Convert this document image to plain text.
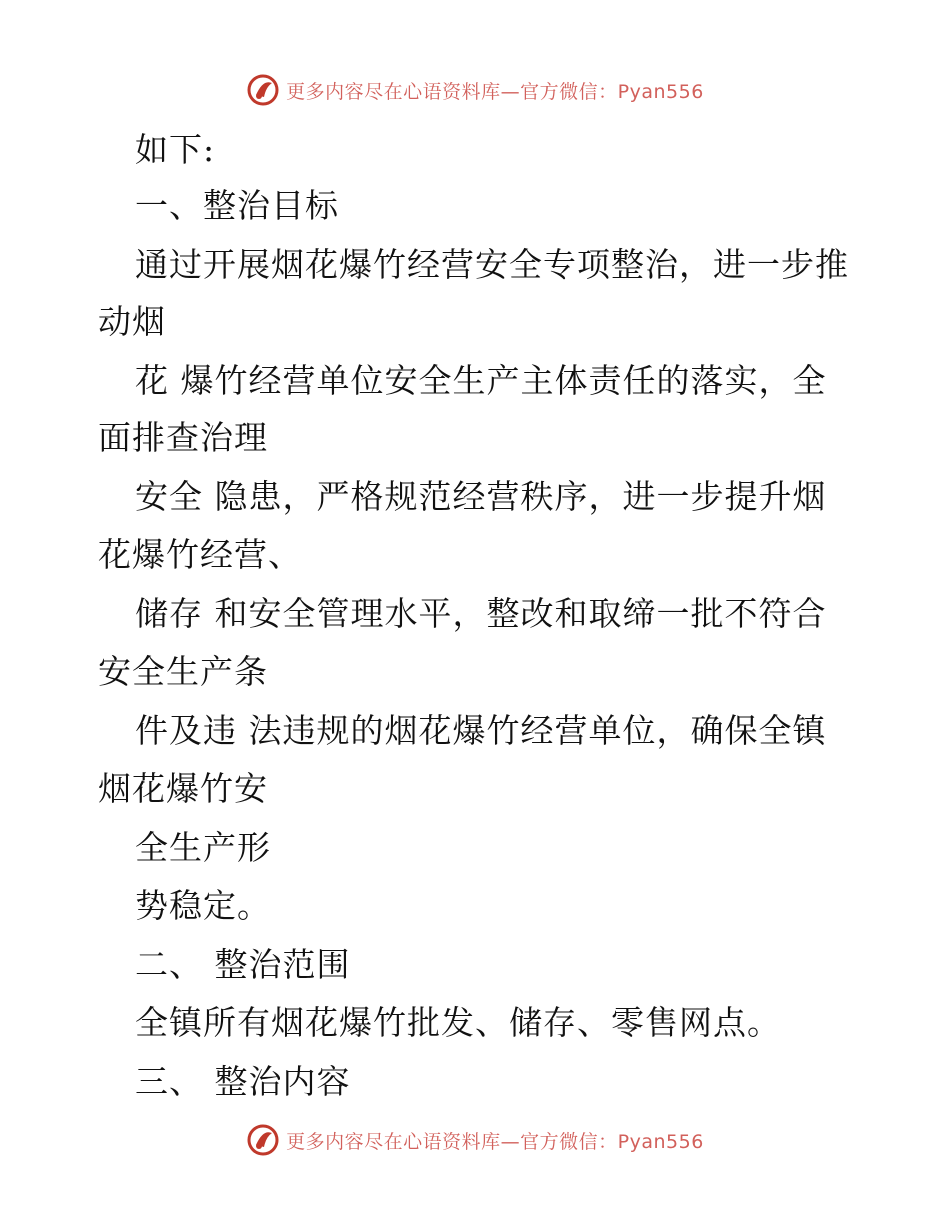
更多内容尽在心语资料库—官方微信：Pyan556
如下:
一、整治目标
通过开展烟花爆竹经营安全专项整治，进一步推
动烟
花 爆竹经营单位安全生产主体责任的落实，全
面排查治理
安全 隐患，严格规范经营秩序，进一步提升烟
花爆竹经营、
储存 和安全管理水平，整改和取缔一批不符合
安全生产条
件及违 法违规的烟花爆竹经营单位，确保全镇
烟花爆竹安
全生产形
势稳定。
二、 整治范围
全镇所有烟花爆竹批发、储存、零售网点。
三、 整治内容
更多内容尽在心语资料库—官方微信：Pyan556
